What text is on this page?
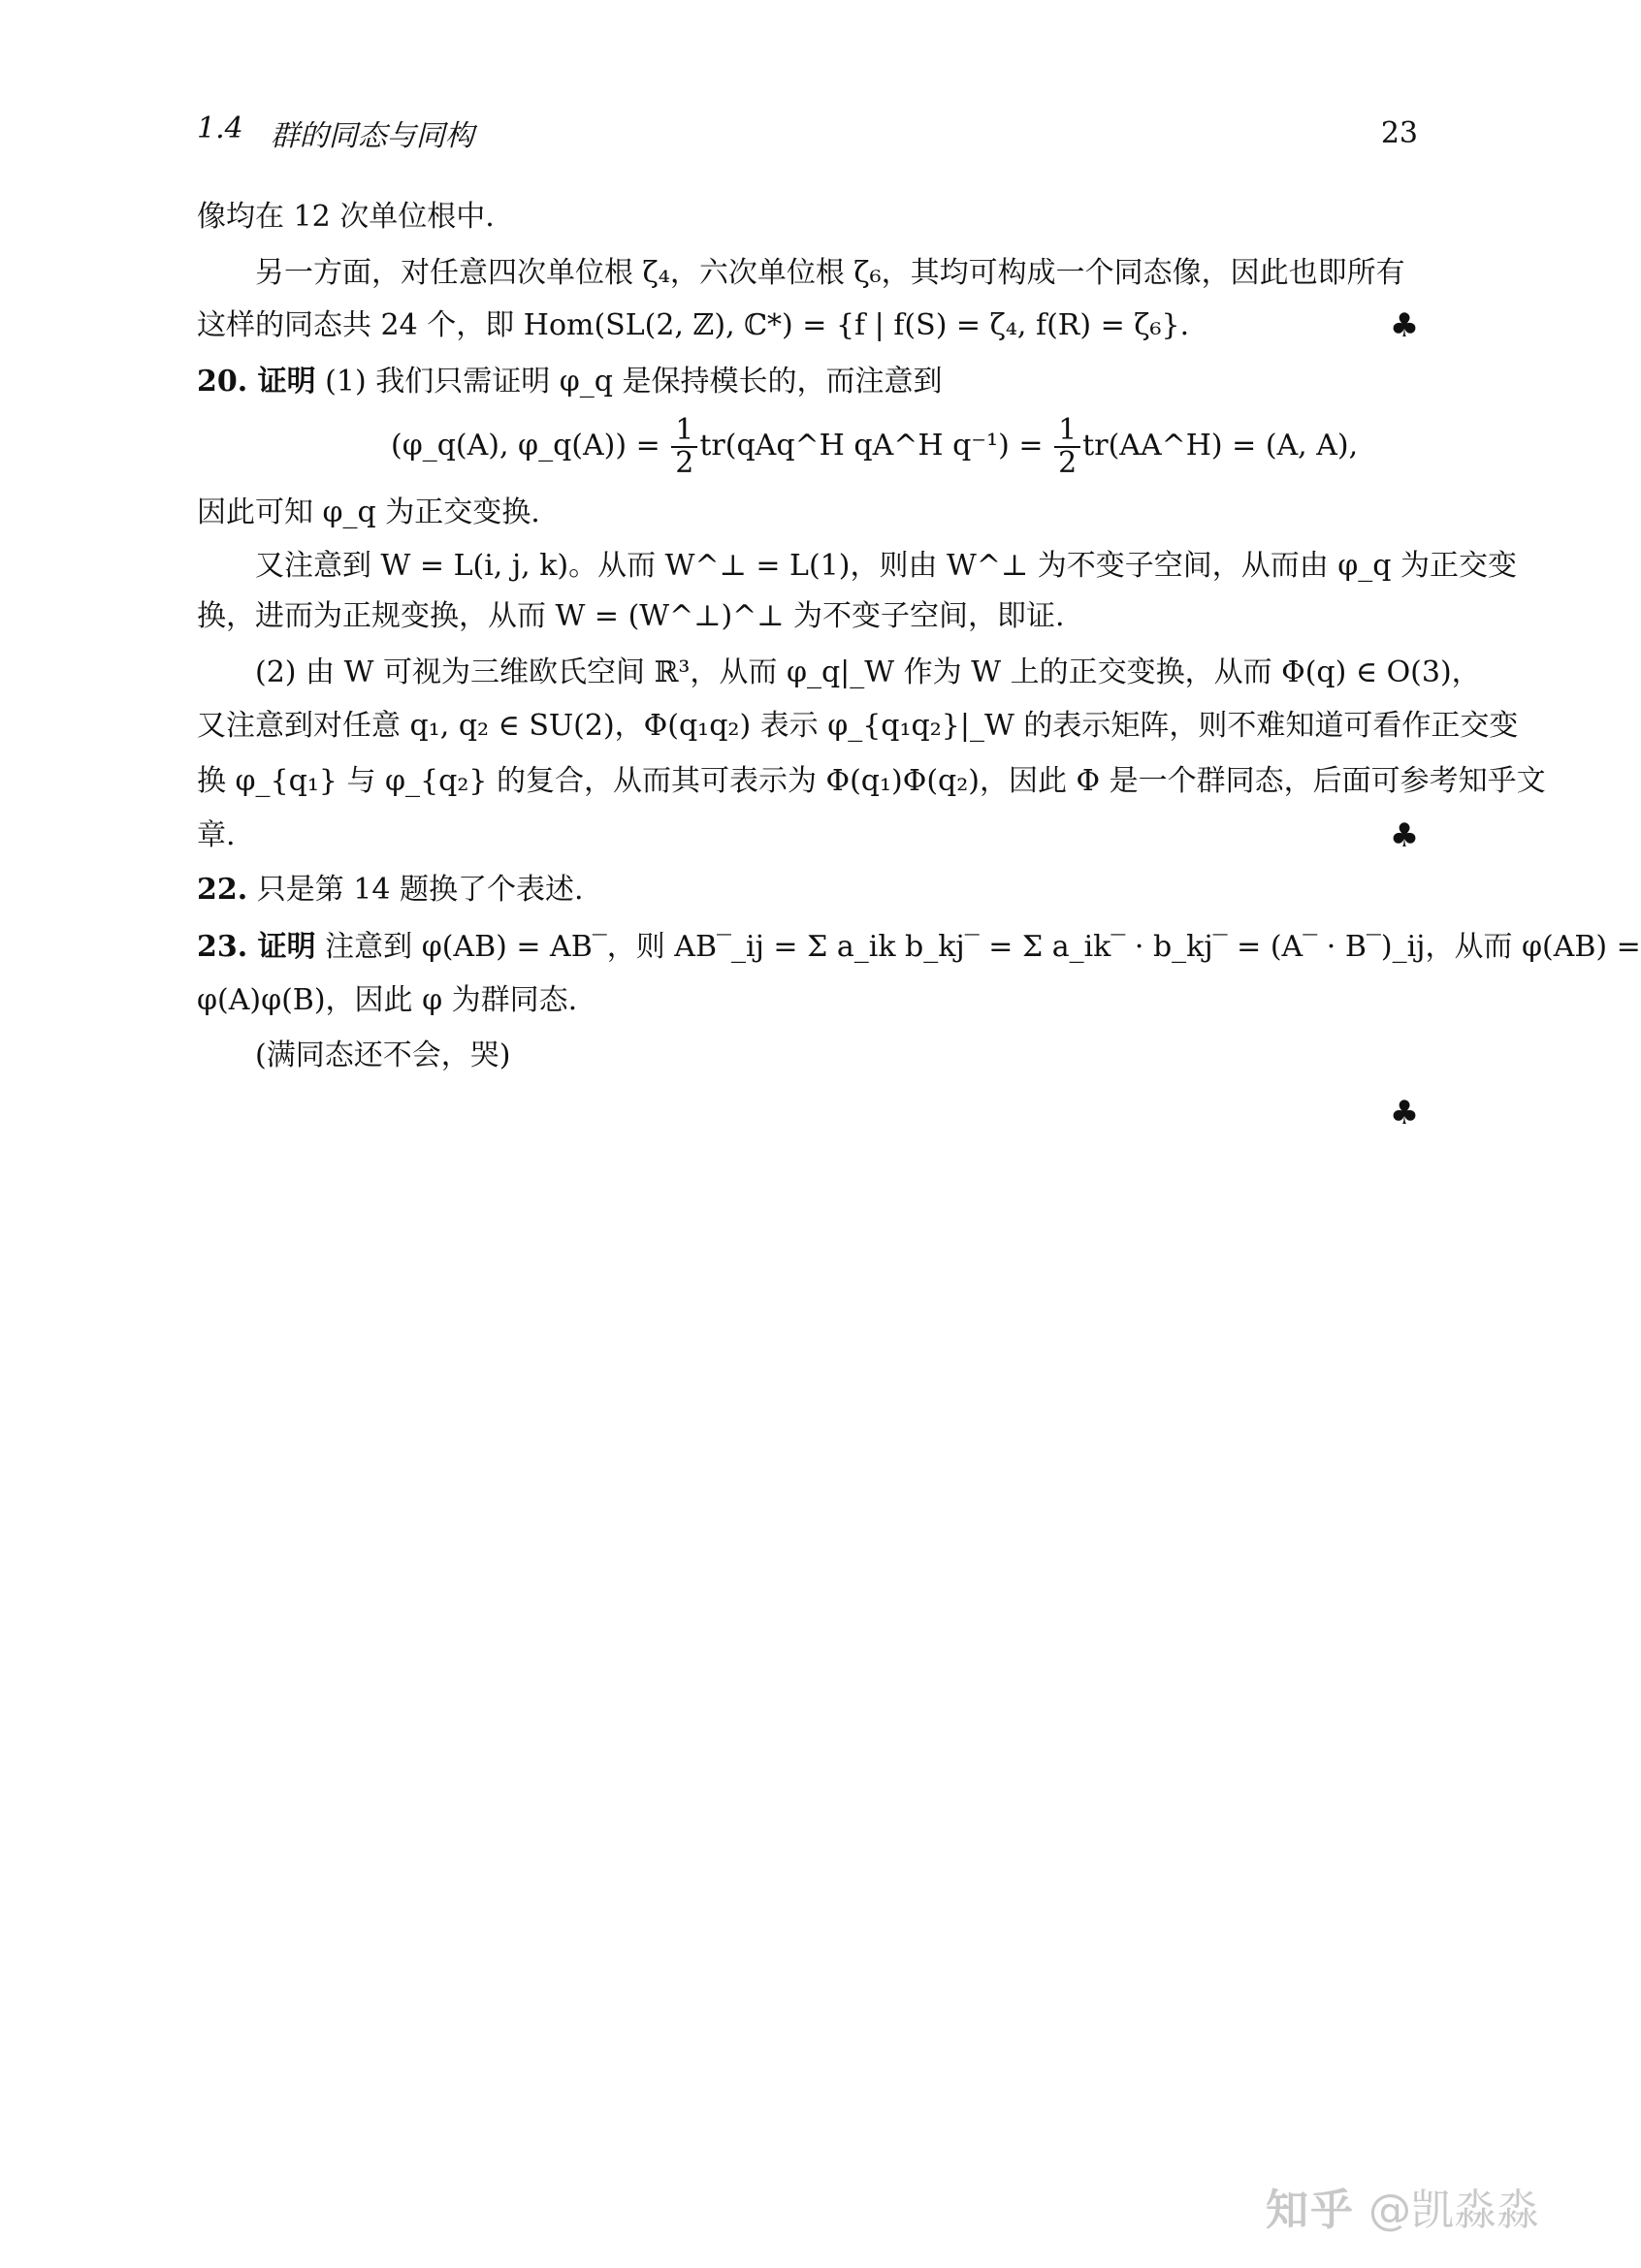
1.4 群的同态与同构	23
像均在 12 次单位根中.
另一方面，对任意四次单位根 ζ₄，六次单位根 ζ₆，其均可构成一个同态像，因此也即所有
这样的同态共 24 个，即 Hom(SL(2, ℤ), ℂ*) = {f | f(S) = ζ₄, f(R) = ζ₆}.	♣
20. 证明 (1) 我们只需证明 φ_q 是保持模长的，而注意到
(φ_q(A), φ_q(A)) = $\frac{1}{2}$ tr(qAq^H qA^H $q^{-1}) = \frac{1}{2}$ tr(AA^H) = (A, A),
因此可知 φ_q 为正交变换.
又注意到 W = L(i, j, k)。从而 W^⊥ = L(1)，则由 W^⊥ 为不变子空间，从而由 φ_q 为正交变
换，进而为正规变换，从而 W = (W^⊥)^⊥ 为不变子空间，即证.
(2) 由 W 可视为三维欧氏空间 ℝ³，从而 φ_q|_W 作为 W 上的正交变换，从而 Φ(q) ∈ O(3)，
又注意到对任意 q₁, q₂ ∈ SU(2)，Φ(q₁q₂) 表示 φ_{q₁q₂}|_W 的表示矩阵，则不难知道可看作正交变
换 φ_{q₁} 与 φ_{q₂} 的复合，从而其可表示为 Φ(q₁)Φ(q₂)，因此 Φ 是一个群同态，后面可参考知乎文
章.	♣
22. 只是第 14 题换了个表述.
23. 证明 注意到 φ(AB) = AB‾，则 AB‾_ij = Σ a_ik b_kj‾ = Σ a_ik‾ · b_kj‾ = (A‾ · B‾)_ij，从而 φ(AB) =
φ(A)φ(B)，因此 φ 为群同态.
(满同态还不会，哭)
♣
知乎 @凯淼淼
